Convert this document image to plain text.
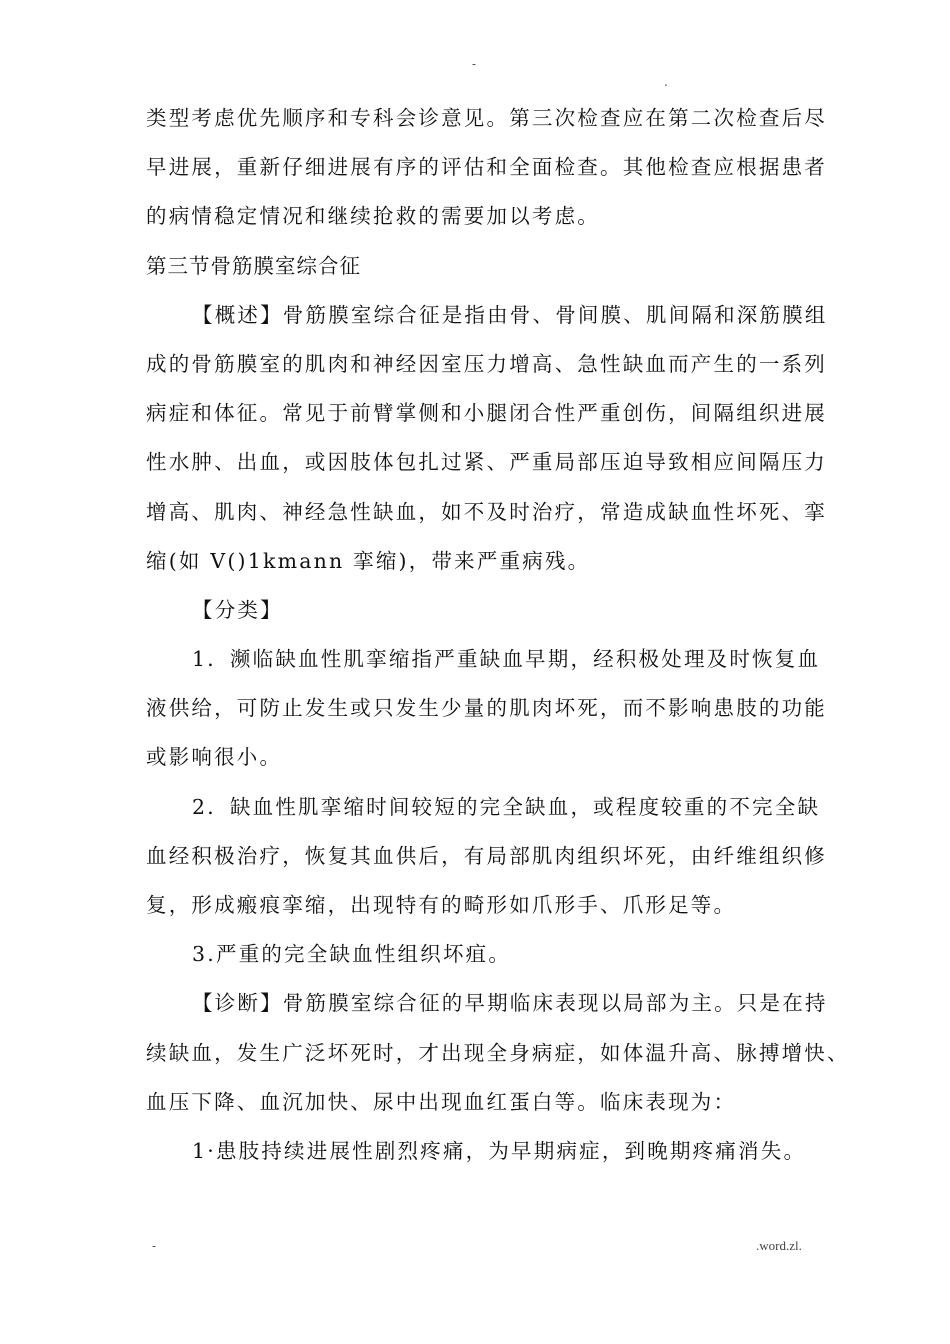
-
.
类型考虑优先顺序和专科会诊意见。第三次检查应在第二次检查后尽
早进展，重新仔细进展有序的评估和全面检查。其他检查应根据患者
的病情稳定情况和继续抢救的需要加以考虑。
第三节骨筋膜室综合征
【概述】骨筋膜室综合征是指由骨、骨间膜、肌间隔和深筋膜组
成的骨筋膜室的肌肉和神经因室压力增高、急性缺血而产生的一系列
病症和体征。常见于前臂掌侧和小腿闭合性严重创伤，间隔组织进展
性水肿、出血，或因肢体包扎过紧、严重局部压迫导致相应间隔压力
增高、肌肉、神经急性缺血，如不及时治疗，常造成缺血性坏死、挛
缩(如 V()1kmann 挛缩)，带来严重病残。
【分类】
1．濒临缺血性肌挛缩指严重缺血早期，经积极处理及时恢复血
液供给，可防止发生或只发生少量的肌肉坏死，而不影响患肢的功能
或影响很小。
2．缺血性肌挛缩时间较短的完全缺血，或程度较重的不完全缺
血经积极治疗，恢复其血供后，有局部肌肉组织坏死，由纤维组织修
复，形成瘢痕挛缩，出现特有的畸形如爪形手、爪形足等。
3.严重的完全缺血性组织坏疽。
【诊断】骨筋膜室综合征的早期临床表现以局部为主。只是在持
续缺血，发生广泛坏死时，才出现全身病症，如体温升高、脉搏增快、
血压下降、血沉加快、尿中出现血红蛋白等。临床表现为：
1·患肢持续进展性剧烈疼痛，为早期病症，到晚期疼痛消失。
-	.word.zl.
